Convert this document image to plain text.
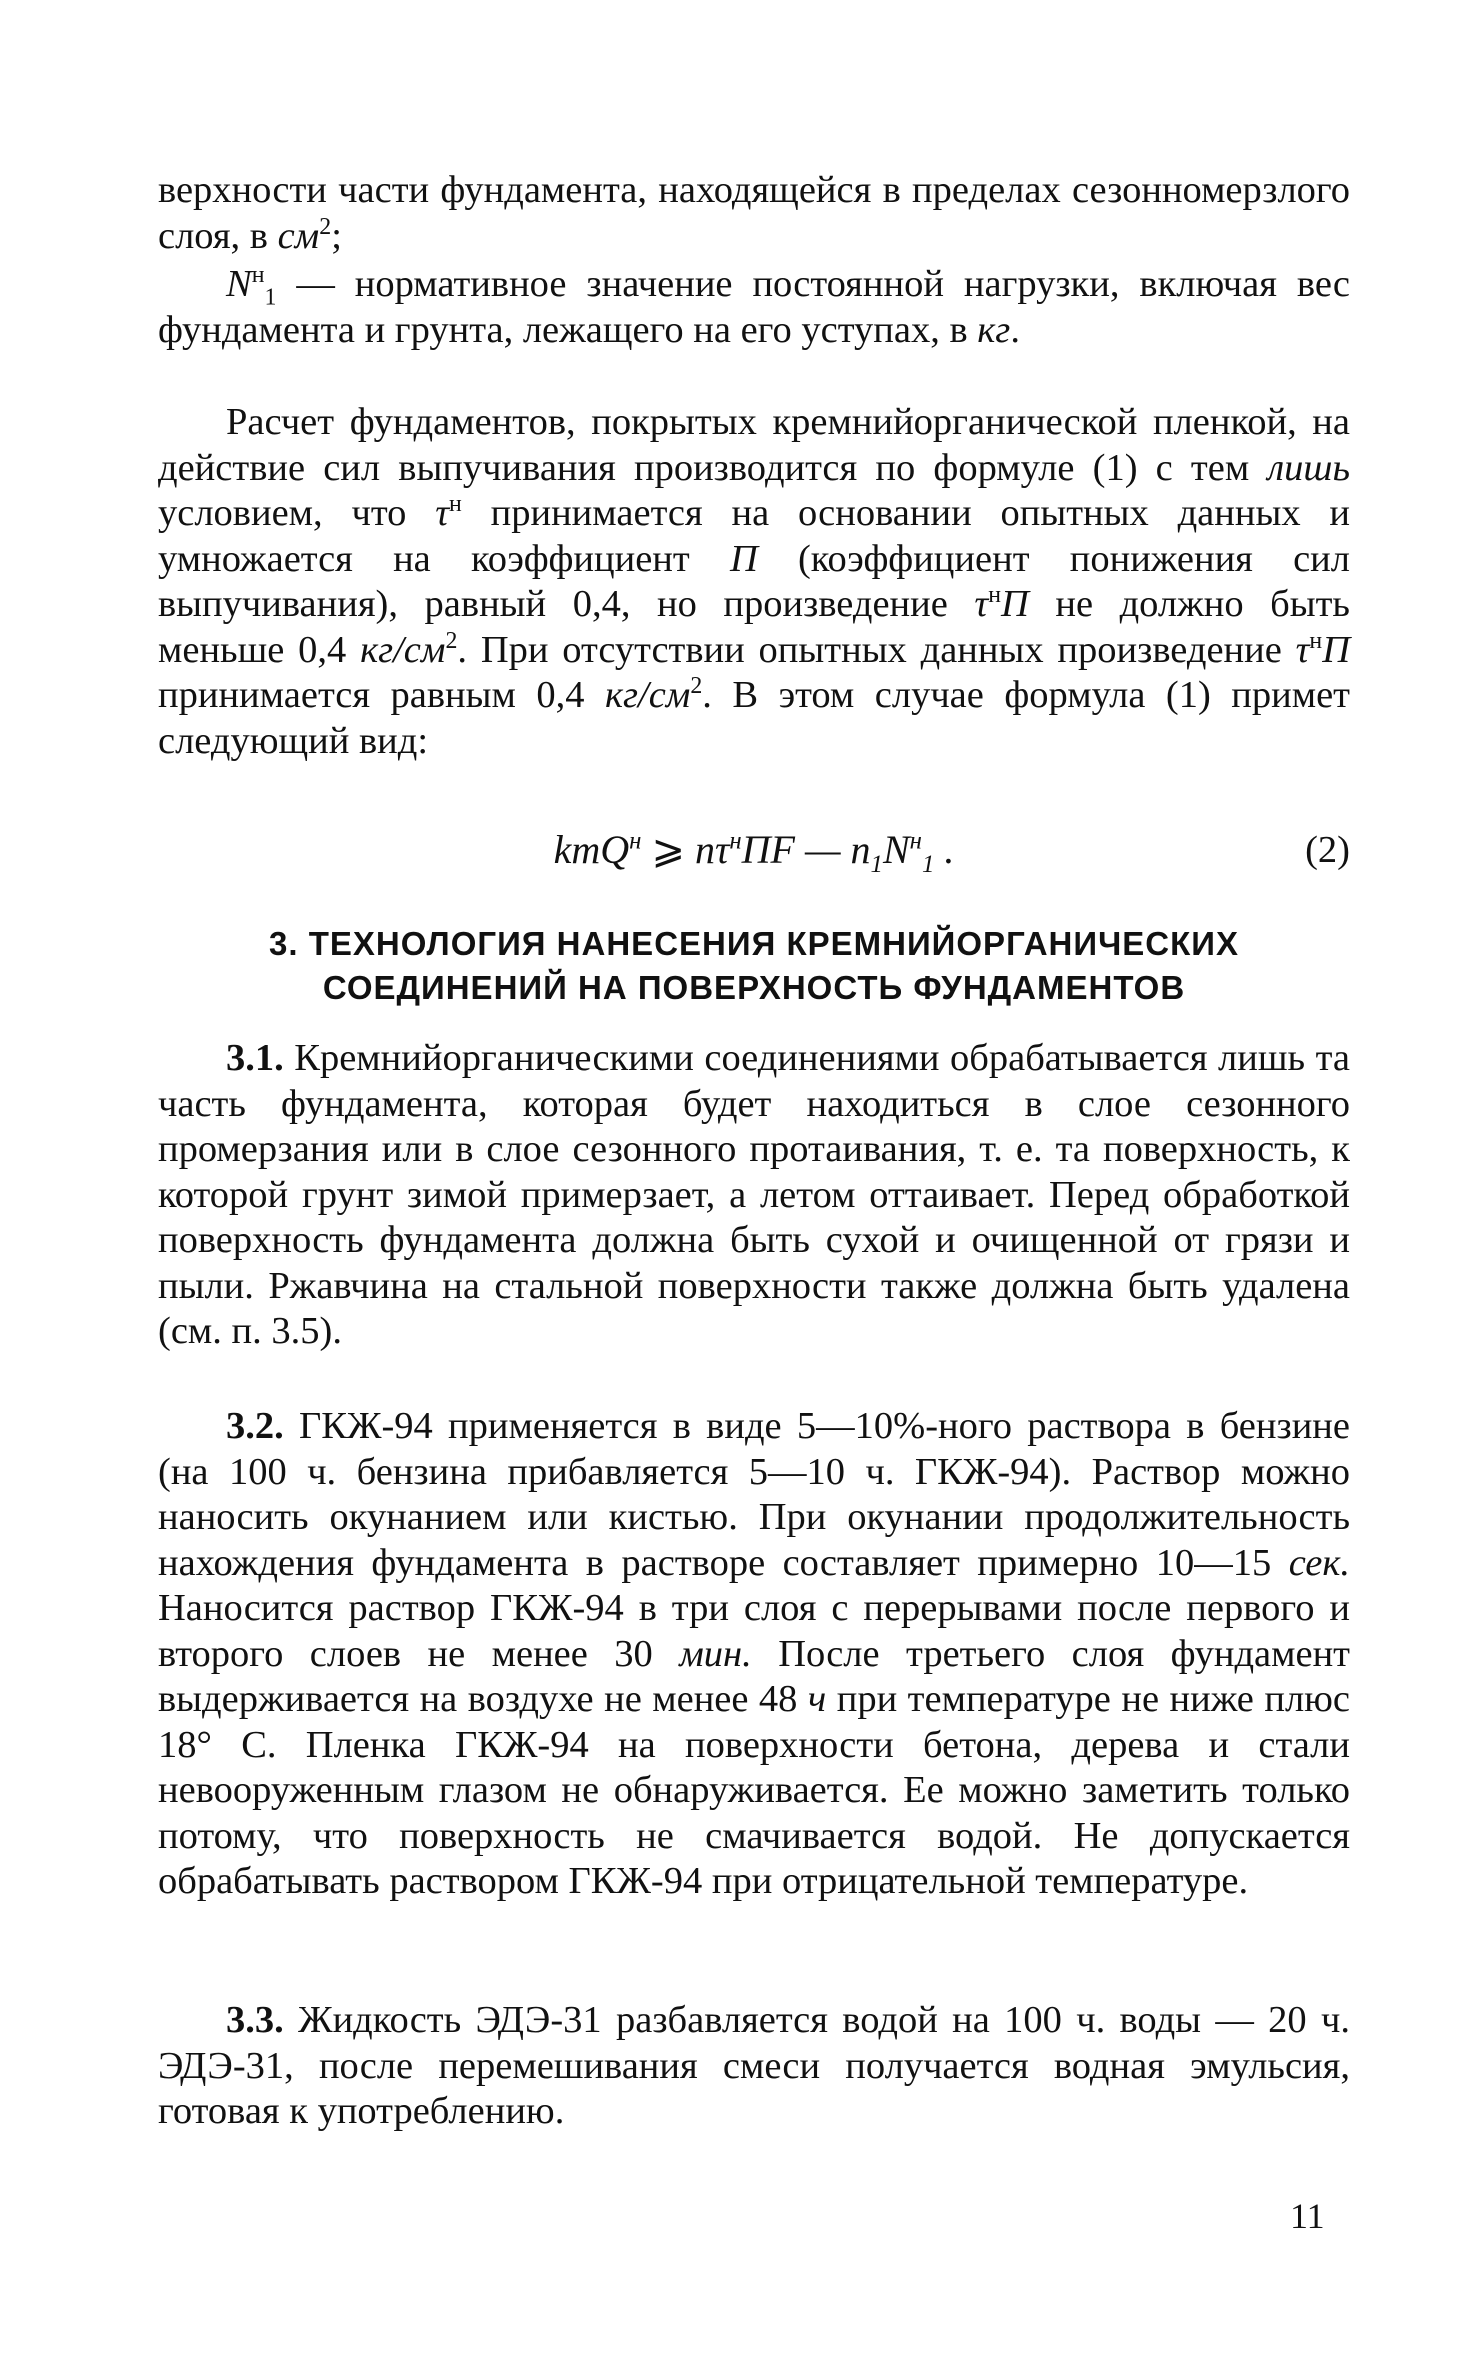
верхности части фундамента, находящейся в пределах сезонномерзлого слоя, в $см^2$;

$N^н_1$ — нормативное значение постоянной нагрузки, включая вес фундамента и грунта, лежащего на его уступах, в кг.

Расчет фундаментов, покрытых кремнийорганической пленкой, на действие сил выпучивания производится по формуле (1) с тем лишь условием, что $\tau^н$ принимается на основании опытных данных и умножается на коэффициент П (коэффициент понижения сил выпучивания), равный 0,4, но произведение $\tau^нП$ не должно быть меньше 0,4 $кг/см^2$. При отсутствии опытных данных произведение $\tau^нП$ принимается равным 0,4 $кг/см^2$. В этом случае формула (1) примет следующий вид:

kmQ$^н$ ⩾ $n\tau^нПF$ — $n_1N^н_1$ .	(2)

3. ТЕХНОЛОГИЯ НАНЕСЕНИЯ КРЕМНИЙОРГАНИЧЕСКИХ

СОЕДИНЕНИЙ НА ПОВЕРХНОСТЬ ФУНДАМЕНТОВ

3.1. Кремнийорганическими соединениями обрабатывается лишь та часть фундамента, которая будет находиться в слое сезонного промерзания или в слое сезонного протаивания, т. е. та поверхность, к которой грунт зимой примерзает, а летом оттаивает. Перед обработкой поверхность фундамента должна быть сухой и очищенной от грязи и пыли. Ржавчина на стальной поверхности также должна быть удалена (см. п. 3.5).

3.2. ГКЖ-94 применяется в виде 5—10%-ного раствора в бензине (на 100 ч. бензина прибавляется 5—10 ч. ГКЖ-94). Раствор можно наносить окунанием или кистью. При окунании продолжительность нахождения фундамента в растворе составляет примерно 10—15 сек. Наносится раствор ГКЖ-94 в три слоя с перерывами после первого и второго слоев не менее 30 мин. После третьего слоя фундамент выдерживается на воздухе не менее 48 ч при температуре не ниже плюс 18° С. Пленка ГКЖ-94 на поверхности бетона, дерева и стали невооруженным глазом не обнаруживается. Ее можно заметить только потому, что поверхность не смачивается водой. Не допускается обрабатывать раствором ГКЖ-94 при отрицательной температуре.

3.3. Жидкость ЭДЭ-31 разбавляется водой на 100 ч. воды — 20 ч. ЭДЭ-31, после перемешивания смеси получается водная эмульсия, готовая к употреблению.

11
